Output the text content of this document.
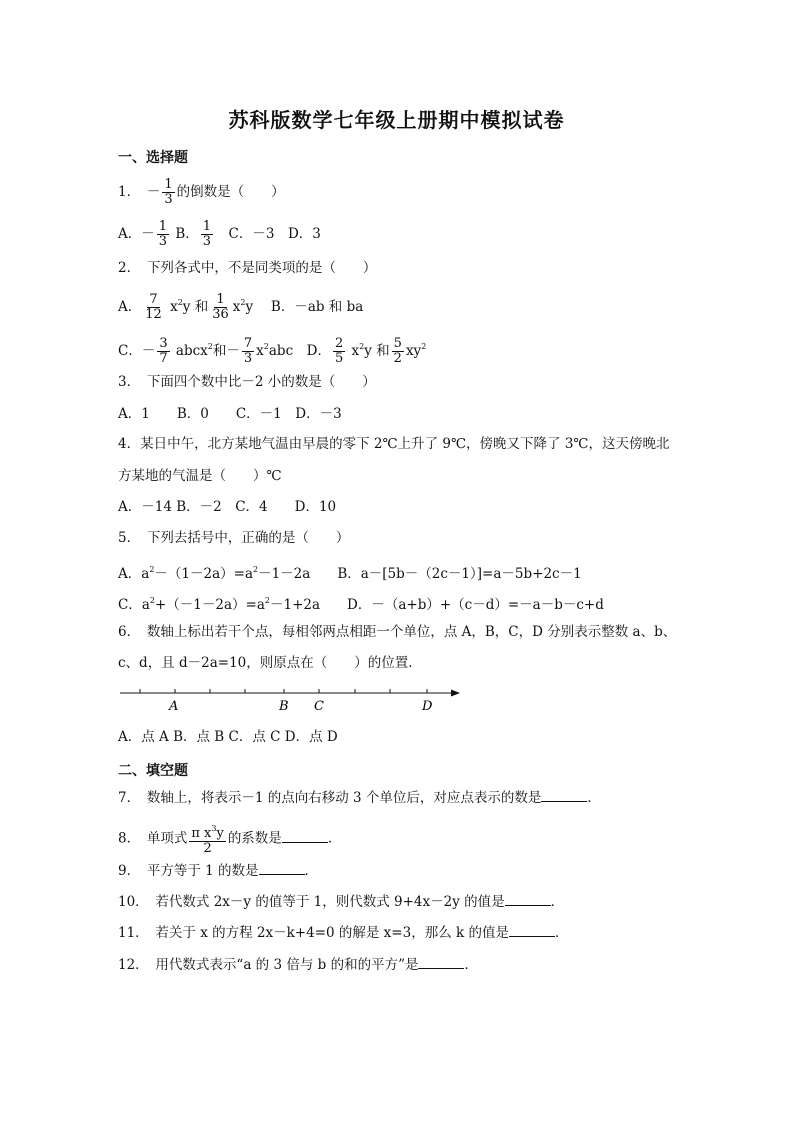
苏科版数学七年级上册期中模拟试卷
一、选择题
1．　 － $\frac{1}{3}$ 的倒数是（　　）
A．－ $\frac{1}{3}$ B． $\frac{1}{3}$ 　C．－3　D．3
2．　下列各式中，不是同类项的是（　　）
A． $\frac{7}{12} x^2y$ 和 $\frac{1}{36} x^2y$　 B．－ab 和 ba
C．－ $\frac{3}{7}$ abcx$^2$和－ $\frac{7}{3} x^2abc$　D． $\frac{2}{5} x^2y$ 和 $\frac{5}{2} xy^2$
3．　下面四个数中比－2 小的数是（　　）
A．1　　B．0　　C．－1　D．－3
4．某日中午，北方某地气温由早晨的零下 2℃上升了 9℃，傍晚又下降了 3℃，这天傍晚北
方某地的气温是（　　）℃
A．－14 B．－2　C．4　　D．10
5．　下列去括号中，正确的是（　　）
A．$a^2-(1-2a)=a^2-1-2a$　　B．a－[5b－（2c－1）]=a－5b+2c－1
C．$a^2+(-1-2a)=a^2-1+2a$　　D．－（a+b）+（c－d）=－a－b－c+d
6．　数轴上标出若干个点，每相邻两点相距一个单位，点 A，B，C，D 分别表示整数 a、b、
c、d，且 d－2a=10，则原点在（　　）的位置．
A	B C	D
A．点 A B．点 B C．点 C D．点 D
二、填空题
7．　数轴上，将表示－1 的点向右移动 3 个单位后，对应点表示的数是	．
8．　单项式 $\frac{\pi x^3y}{2}$ 的系数是	．
9．　平方等于 1 的数是	．
10．　若代数式 2x－y 的值等于 1，则代数式 9+4x－2y 的值是	．
11．　若关于 x 的方程 2x－k+4=0 的解是 x=3，那么 k 的值是	．
12．　用代数式表示“a 的 3 倍与 b 的和的平方”是	．
